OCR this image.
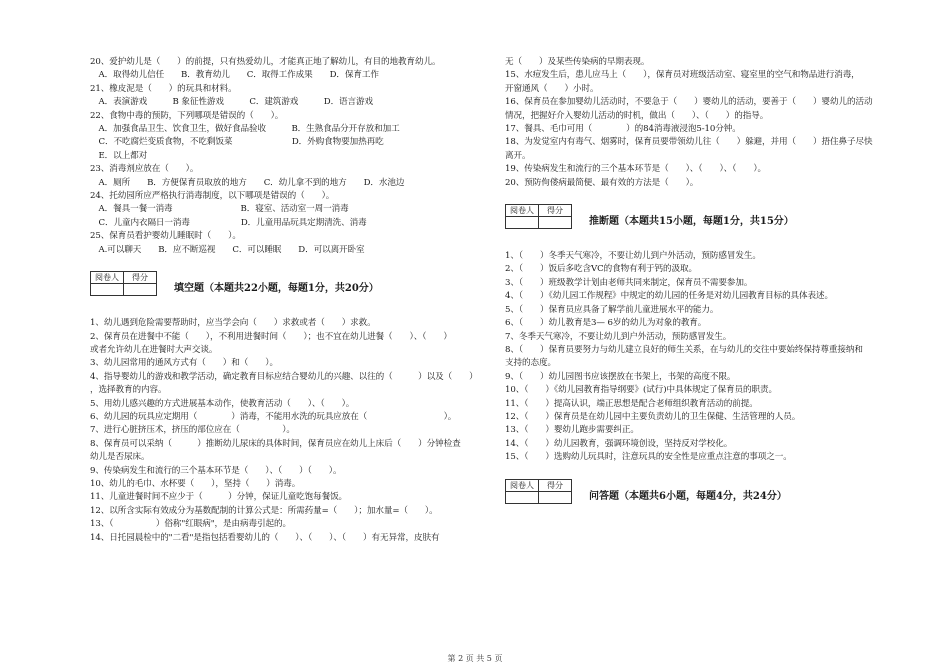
20、爱护幼儿是（　　）的前提，只有热爱幼儿，才能真正地了解幼儿，有目的地教育幼儿。
　A．取得幼儿信任　　B．教育幼儿　　C．取得工作成果　　D．保育工作
21、橡皮泥是（　　）的玩具和材料。
　A．表演游戏　　　B 象征性游戏　　　C．建筑游戏　　　D．语言游戏
22、食物中毒的预防，下列哪项是错误的（　　）。
　A．加强食品卫生、饮食卫生，做好食品验收　　　B．生熟食品分开存放和加工
　C．不吃腐烂变质食物，不吃剩饭菜　　　　　　　D．外购食物要加热再吃
　E．以上都对
23、消毒剂应放在（　　）。
　A．厕所　　B．方便保育员取放的地方　　C．幼儿拿不到的地方　　D．水池边
24、托幼园所应严格执行消毒制度，以下哪项是错误的（　　）。
　A．餐具一餐一消毒　　　　　　　　B．寝室、活动室一周一消毒
　C．儿童内衣隔日一消毒　　　　　　D．儿童用品玩具定期清洗、消毒
25、保育员看护婴幼儿睡眠时（　　）。
　A.可以聊天　　B．应不断巡视　　C．可以睡眠　　D．可以离开卧室
阅卷人	得分

填空题（本题共22小题，每题1分，共20分）
1、幼儿遇到危险需要帮助时，应当学会向（　　）求救或者（　　）求救。
2、保育员在进餐中不能（　　），不利用进餐时间（　　）；也不宜在幼儿进餐（　　）、（　　）
或者允许幼儿在进餐时大声交谈。
3、幼儿园常用的通风方式有（　　）和（　　）。
4、指导婴幼儿的游戏和教学活动，确定教育目标应结合婴幼儿的兴趣、以往的（　　　）以及（　　）
，选择教育的内容。
5、用幼儿感兴趣的方式进展基本动作，使教育活动（　　）、（　　）。
6、幼儿园的玩具应定期用（　　　　）消毒，不能用水洗的玩具应放在（　　　　　　　　　）。
7、进行心脏挤压术，挤压的部位应在（　　　　　）。
8、保育员可以采纳（　　　）推断幼儿尿床的具体时间，保育员应在幼儿上床后（　　）分钟检查
幼儿是否尿床。
9、传染病发生和流行的三个基本环节是（　　）、（　　）（　　）。
10、幼儿的毛巾、水杯要（　　），坚持（　　）消毒。
11、儿童进餐时间不应少于（　　　）分钟，保证儿童吃饱每餐饭。
12、以所含实际有效成分为基数配制的计算公式是：所需药量=（　　）；加水量=（　　）。
13、（　　　　　）俗称"红眼病"，是由病毒引起的。
14、日托园晨检中的"二看"是指包括看婴幼儿的（　　）、（　　）、（　　）有无异常，皮肤有
无（　　）及某些传染病的早期表现。
15、水痘发生后，患儿应马上（　　），保育员对班级活动室、寝室里的空气和物品进行消毒，
开窗通风（　　）小时。
16、保育员在参加婴幼儿活动时，不要急于（　　）婴幼儿的活动，要善于（　　）婴幼儿的活动
情况，把握好介入婴幼儿活动的时机，做出（　　）、（　　）的指导。
17、餐具、毛巾可用（　　　　）的84消毒液浸泡5-10分钟。
18、为发觉室内有毒气、烟雾时，保育员要带领幼儿往（　　）躲避，并用（　　）捂住鼻子尽快
离开。
19、传染病发生和流行的三个基本环节是（　　）、（　　）、（　　）。
20、预防佝偻病最简便、最有效的方法是（　　）。
阅卷人	得分

推断题（本题共15小题，每题1分，共15分）
1、（　　）冬季天气寒冷，不要让幼儿到户外活动，预防感冒发生。
2、（　　）饭后多吃含VC的食物有利于钙的汲取。
3、（　　）班级教学计划由老师共同来制定，保育员不需要参加。
4、（　　）《幼儿园工作规程》中规定的幼儿园的任务是对幼儿园教育目标的具体表述。
5、（　　）保育员应具备了解学前儿童进展水平的能力。
6、（　　）幼儿教育是3— 6岁的幼儿为对象的教育。
7、冬季天气寒冷，不要让幼儿到户外活动，预防感冒发生。
8、（　　）保育员要努力与幼儿建立良好的师生关系，在与幼儿的交往中要始终保持尊重接纳和
支持的态度。
9、（　　）幼儿园图书应该摆放在书架上，书架的高度不限。
10、（　　）《幼儿园教育指导纲要》(试行)中具体规定了保育员的职责。
11、（　　）提高认识，端正思想是配合老师组织教育活动的前提。
12、（　　）保育员是在幼儿园中主要负责幼儿的卫生保健、生活管理的人员。
13、（　　）婴幼儿跑步需要纠正。
14、（　　）幼儿园教育，强调环境创设，坚持反对学校化。
15、（　　）选购幼儿玩具时，注意玩具的安全性是应重点注意的事项之一。
阅卷人	得分

问答题（本题共6小题，每题4分，共24分）
第 2 页 共 5 页
